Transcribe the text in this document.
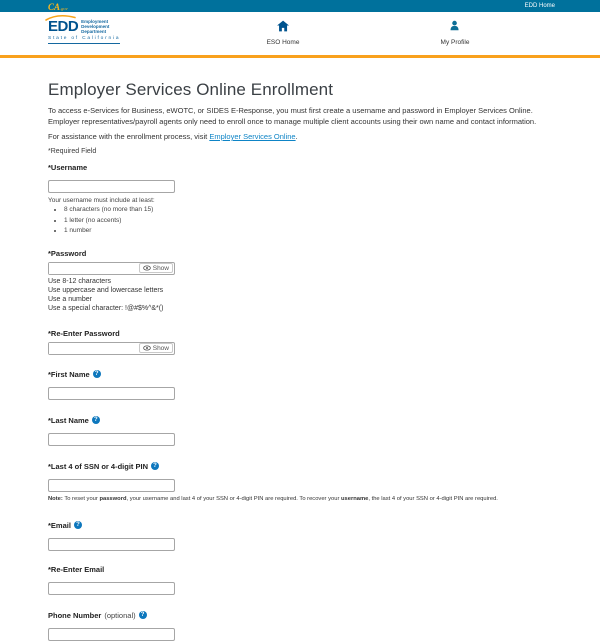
CA.gov	EDD Home
EDD Employment
Development
Department
State of California
ESO Home	My Profile
Employer Services Online Enrollment

To access e-Services for Business, eWOTC, or SIDES E-Response, you must first create a username and password in Employer Services Online. Employer representatives/payroll agents only need to enroll once to manage multiple client accounts using their own name and contact information.

For assistance with the enrollment process, visit Employer Services Online.

*Required Field
*Username
Your username must include at least:
• 8 characters (no more than 15)
• 1 letter (no accents)
• 1 number
*Password
Show
Use 8-12 characters
Use uppercase and lowercase letters
Use a number
Use a special character: !@#$%^&*()
*Re-Enter Password
Show
*First Name ?
*Last Name ?
*Last 4 of SSN or 4-digit PIN ?
Note: To reset your password, your username and last 4 of your SSN or 4-digit PIN are required. To recover your username, the last 4 of your SSN or 4-digit PIN are required.
*Email ?
*Re-Enter Email
Phone Number (optional) ?
